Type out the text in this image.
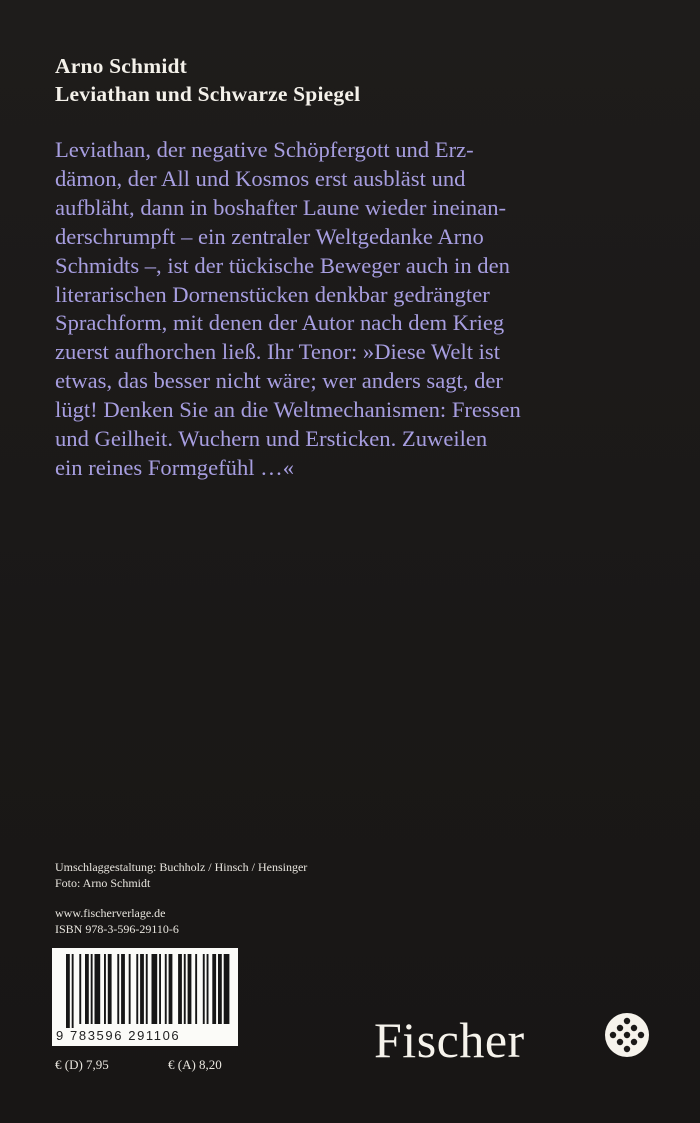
Arno Schmidt
Leviathan und Schwarze Spiegel
Leviathan, der negative Schöpfergott und Erz-
dämon, der All und Kosmos erst ausbläst und
aufbläht, dann in boshafter Laune wieder ineinan-
derschrumpft – ein zentraler Weltgedanke Arno
Schmidts –, ist der tückische Beweger auch in den
literarischen Dornenstücken denkbar gedrängter
Sprachform, mit denen der Autor nach dem Krieg
zuerst aufhorchen ließ. Ihr Tenor: »Diese Welt ist
etwas, das besser nicht wäre; wer anders sagt, der
lügt! Denken Sie an die Weltmechanismen: Fressen
und Geilheit. Wuchern und Ersticken. Zuweilen
ein reines Formgefühl …«
Umschlaggestaltung: Buchholz / Hinsch / Hensinger
Foto: Arno Schmidt
www.fischerverlage.de
ISBN 978-3-596-29110-6
9 783596 291106
€ (D) 7,95	€ (A) 8,20	Fischer
